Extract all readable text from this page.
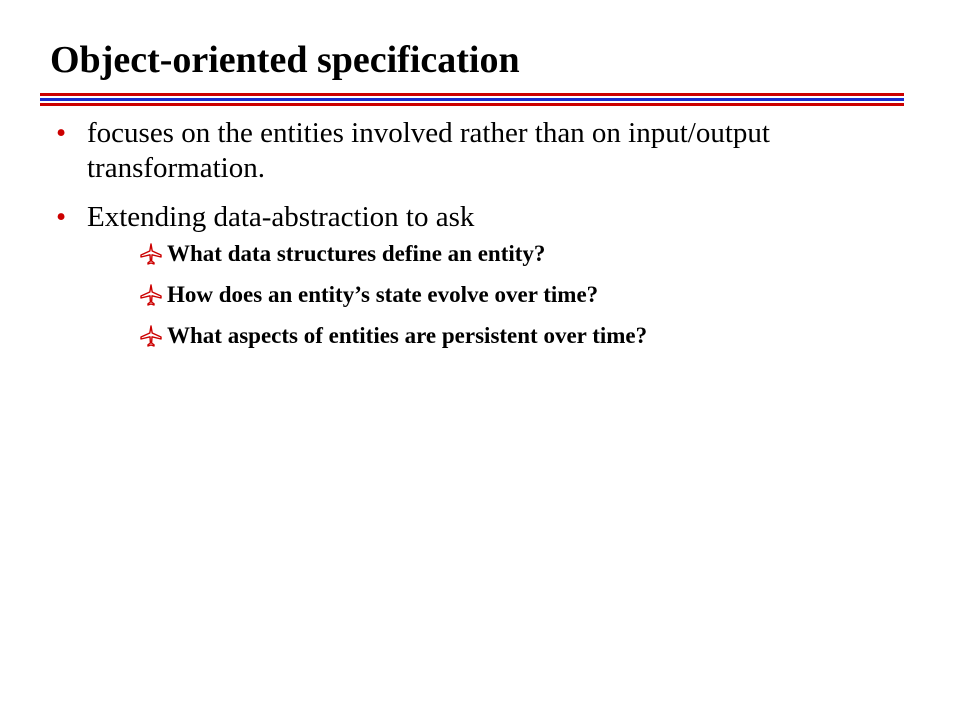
Object-oriented specification
• focuses on the entities involved rather than on input/output transformation.
• Extending data-abstraction to ask
What data structures define an entity?
How does an entity’s state evolve over time?
What aspects of entities are persistent over time?
